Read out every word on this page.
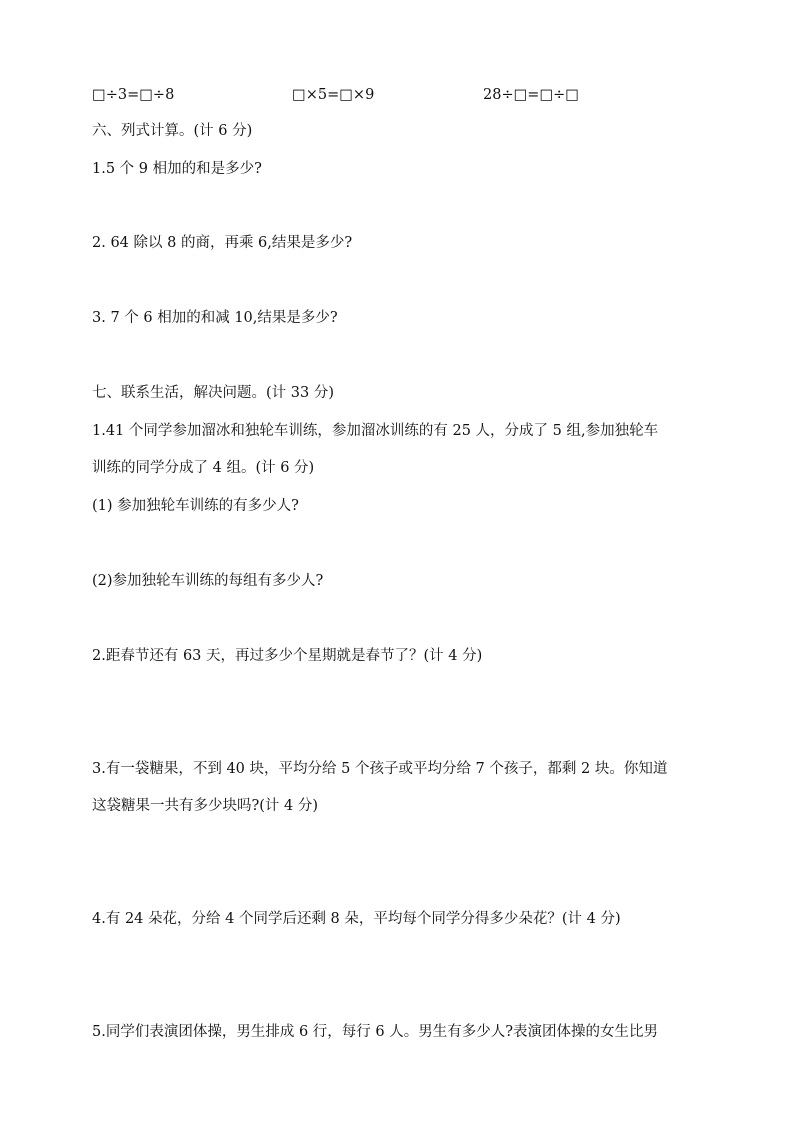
□÷3=□÷8	□×5=□×9	28÷□=□÷□
六、列式计算。(计 6 分)
1.5 个 9 相加的和是多少?
2. 64 除以 8 的商，再乘 6,结果是多少?
3. 7 个 6 相加的和减 10,结果是多少?
七、联系生活，解决问题。(计 33 分)
1.41 个同学参加溜冰和独轮车训练，参加溜冰训练的有 25 人，分成了 5 组,参加独轮车
训练的同学分成了 4 组。(计 6 分)
(1) 参加独轮车训练的有多少人?
(2)参加独轮车训练的每组有多少人?
2.距春节还有 63 天，再过多少个星期就是春节了？(计 4 分)
3.有一袋糖果，不到 40 块，平均分给 5 个孩子或平均分给 7 个孩子，都剩 2 块。你知道
这袋糖果一共有多少块吗?(计 4 分)
4.有 24 朵花，分给 4 个同学后还剩 8 朵，平均每个同学分得多少朵花？(计 4 分)
5.同学们表演团体操，男生排成 6 行，每行 6 人。男生有多少人?表演团体操的女生比男
